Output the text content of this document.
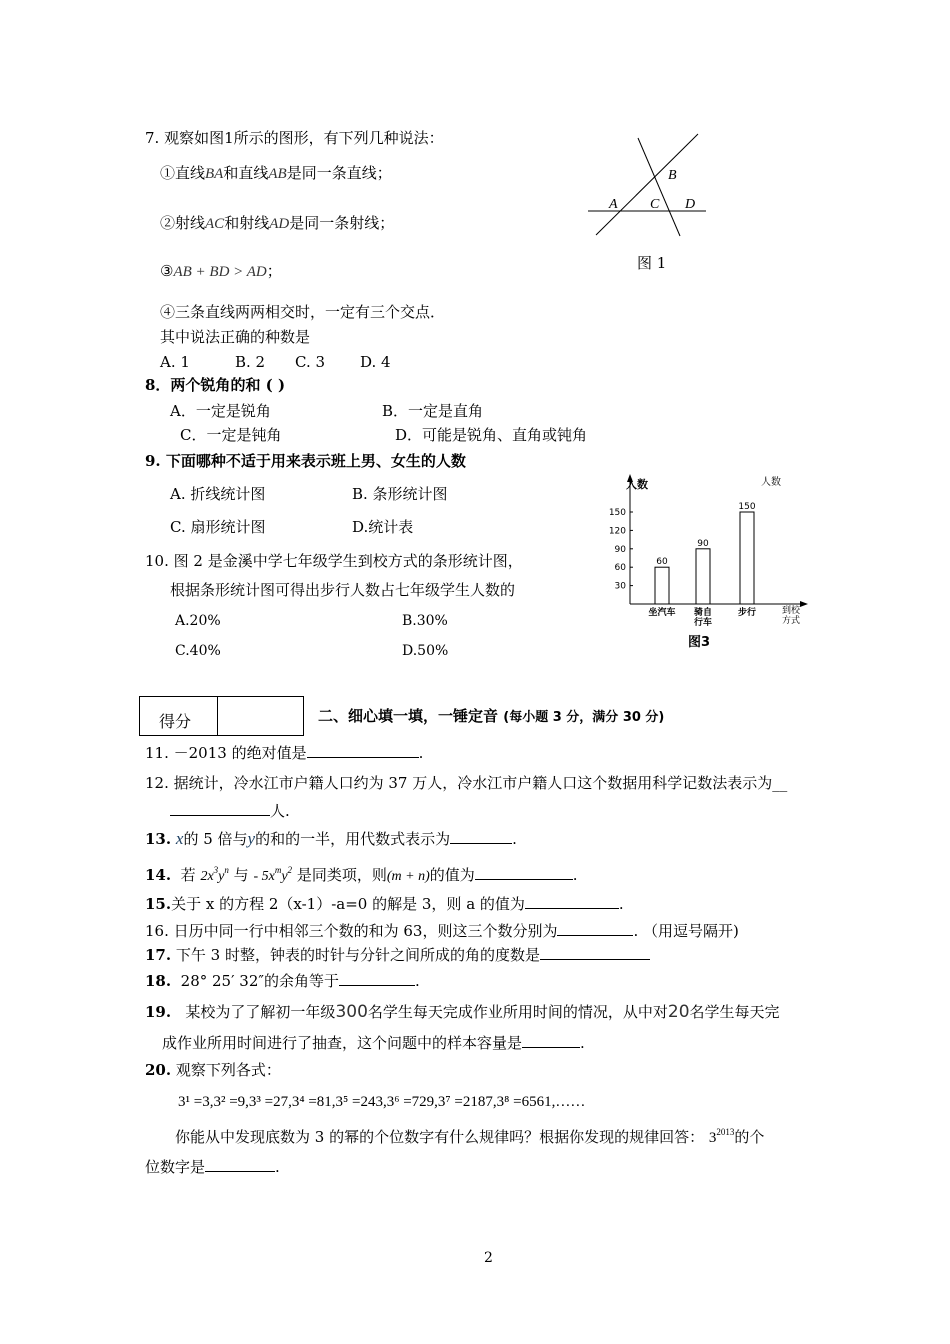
7. 观察如图1所示的图形，有下列几种说法：
①直线BA和直线AB是同一条直线；
②射线AC和射线AD是同一条射线；
③AB + BD > AD；
④三条直线两两相交时，一定有三个交点．
其中说法正确的种数是
A. 1	B. 2 C. 3 D. 4
A
B
C D
图 1
8．两个锐角的和 ( )
A．一定是锐角	B．一定是直角
C．一定是钝角	D．可能是锐角、直角或钝角
9. 下面哪种不适于用来表示班上男、女生的人数
A. 折线统计图	B. 条形统计图
C. 扇形统计图	D.统计表
10. 图 2 是金溪中学七年级学生到校方式的条形统计图，
根据条形统计图可得出步行人数占七年级学生人数的
A.20%	B.30%
C.40%	D.50%
人数	人数
到校
方式
图3
30
60
90
120
150
60
坐汽车
90
骑自
行车
150
步行
得分	二、细心填一填，一锤定音 (每小题 3 分，满分 30 分)
11. －2013 的绝对值是	.
12. 据统计，冷水江市户籍人口约为 37 万人，冷水江市户籍人口这个数据用科学记数法表示为__
人.
13. x的 5 倍与y的和的一半，用代数式表示为	.
14. 若 $2x^3y^n$ 与 - $5x^my^2$ 是同类项，则(m + n)的值为	.
15.关于 x 的方程 2（x-1）-a=0 的解是 3，则 a 的值为	.
16. 日历中同一行中相邻三个数的和为 63，则这三个数分别为	. （用逗号隔开)
17. 下午 3 时整，钟表的时针与分针之间所成的角的度数是
18. 28° 25′ 32″的余角等于	.
19. 某校为了了解初一年级300名学生每天完成作业所用时间的情况，从中对20名学生每天完
成作业所用时间进行了抽查，这个问题中的样本容量是	.
20. 观察下列各式：
3¹ =3,3² =9,3³ =27,3⁴ =81,3⁵ =243,3⁶ =729,3⁷ =2187,3⁸ =6561,……
你能从中发现底数为 3 的幂的个位数字有什么规律吗？根据你发现的规律回答： $3^{2013}$的个
位数字是	.
2
